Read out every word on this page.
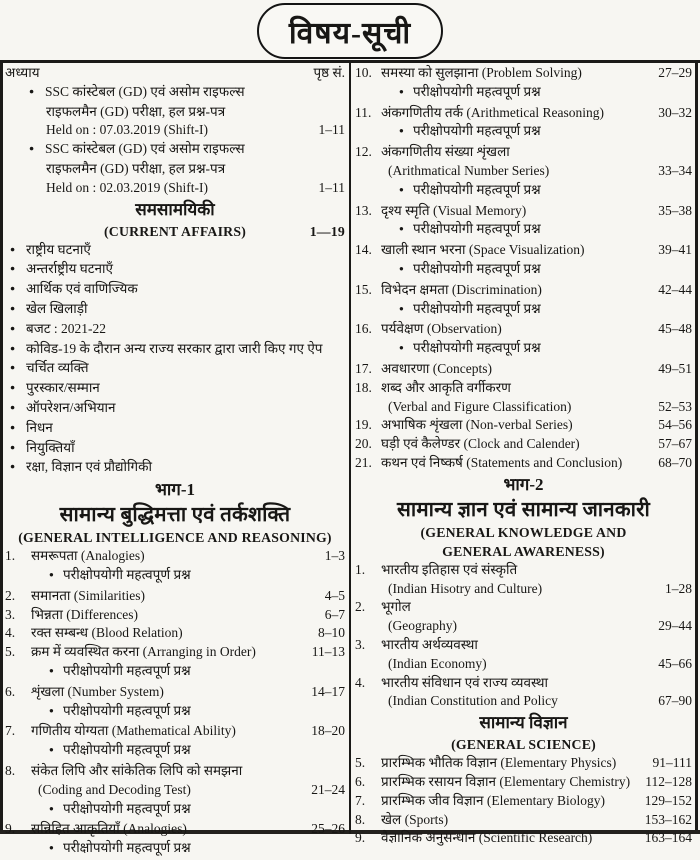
विषय-सूची
अध्याय	पृष्ठ सं.
● SSC कांस्टेबल (GD) एवं असोम राइफल्स
राइफलमैन (GD) परीक्षा, हल प्रश्न-पत्र
Held on : 07.03.2019 (Shift-I)	1–11
● SSC कांस्टेबल (GD) एवं असोम राइफल्स
राइफलमैन (GD) परीक्षा, हल प्रश्न-पत्र
Held on : 02.03.2019 (Shift-I)	1–11
समसामयिकी
(CURRENT AFFAIRS)	1—19
● राष्ट्रीय घटनाएँ
● अन्तर्राष्ट्रीय घटनाएँ
● आर्थिक एवं वाणिज्यिक
● खेल खिलाड़ी
● बजट : 2021-22
● कोविड-19 के दौरान अन्य राज्य सरकार द्वारा जारी किए गए ऐप
● चर्चित व्यक्ति
● पुरस्कार/सम्मान
● ऑपरेशन/अभियान
● निधन
● नियुक्तियाँ
● रक्षा, विज्ञान एवं प्रौद्योगिकी
भाग-1
सामान्य बुद्धिमत्ता एवं तर्कशक्ति
(GENERAL INTELLIGENCE AND REASONING)
1.	समरूपता (Analogies)	1–3
● परीक्षोपयोगी महत्वपूर्ण प्रश्न
2.	समानता (Similarities)	4–5
3.	भिन्नता (Differences)	6–7
4.	रक्त सम्बन्ध (Blood Relation)	8–10
5.	क्रम में व्यवस्थित करना (Arranging in Order)	11–13
● परीक्षोपयोगी महत्वपूर्ण प्रश्न
6.	शृंखला (Number System)	14–17
● परीक्षोपयोगी महत्वपूर्ण प्रश्न
7.	गणितीय योग्यता (Mathematical Ability)	18–20
● परीक्षोपयोगी महत्वपूर्ण प्रश्न
8.	संकेत लिपि और सांकेतिक लिपि को समझना
(Coding and Decoding Test)	21–24
● परीक्षोपयोगी महत्वपूर्ण प्रश्न
9.	सन्निहित आकृतियाँ (Analogies)	25–26
● परीक्षोपयोगी महत्वपूर्ण प्रश्न
10. समस्या को सुलझाना (Problem Solving)	27–29
● परीक्षोपयोगी महत्वपूर्ण प्रश्न
11. अंकगणितीय तर्क (Arithmetical Reasoning)	30–32
● परीक्षोपयोगी महत्वपूर्ण प्रश्न
12. अंकगणितीय संख्या शृंखला
(Arithmatical Number Series)	33–34
● परीक्षोपयोगी महत्वपूर्ण प्रश्न
13. दृश्य स्मृति (Visual Memory)	35–38
● परीक्षोपयोगी महत्वपूर्ण प्रश्न
14. खाली स्थान भरना (Space Visualization)	39–41
● परीक्षोपयोगी महत्वपूर्ण प्रश्न
15. विभेदन क्षमता (Discrimination)	42–44
● परीक्षोपयोगी महत्वपूर्ण प्रश्न
16. पर्यवेक्षण (Observation)	45–48
● परीक्षोपयोगी महत्वपूर्ण प्रश्न
17. अवधारणा (Concepts)	49–51
18. शब्द और आकृति वर्गीकरण
(Verbal and Figure Classification)	52–53
19. अभाषिक शृंखला (Non-verbal Series)	54–56
20. घड़ी एवं कैलेण्डर (Clock and Calender)	57–67
21. कथन एवं निष्कर्ष (Statements and Conclusion)	68–70
भाग-2
सामान्य ज्ञान एवं सामान्य जानकारी
(GENERAL KNOWLEDGE AND
GENERAL AWARENESS)
1.	भारतीय इतिहास एवं संस्कृति
(Indian Hisotry and Culture)	1–28
2.	भूगोल
(Geography)	29–44
3.	भारतीय अर्थव्यवस्था
(Indian Economy)	45–66
4.	भारतीय संविधान एवं राज्य व्यवस्था
(Indian Constitution and Policy	67–90
सामान्य विज्ञान
(GENERAL SCIENCE)
5.	प्रारम्भिक भौतिक विज्ञान (Elementary Physics)	91–111
6.	प्रारम्भिक रसायन विज्ञान (Elementary Chemistry) 112–128
7.	प्रारम्भिक जीव विज्ञान (Elementary Biology)	129–152
8.	खेल (Sports)	153–162
9.	वैज्ञानिक अनुसन्धान (Scientific Research)	163–164
